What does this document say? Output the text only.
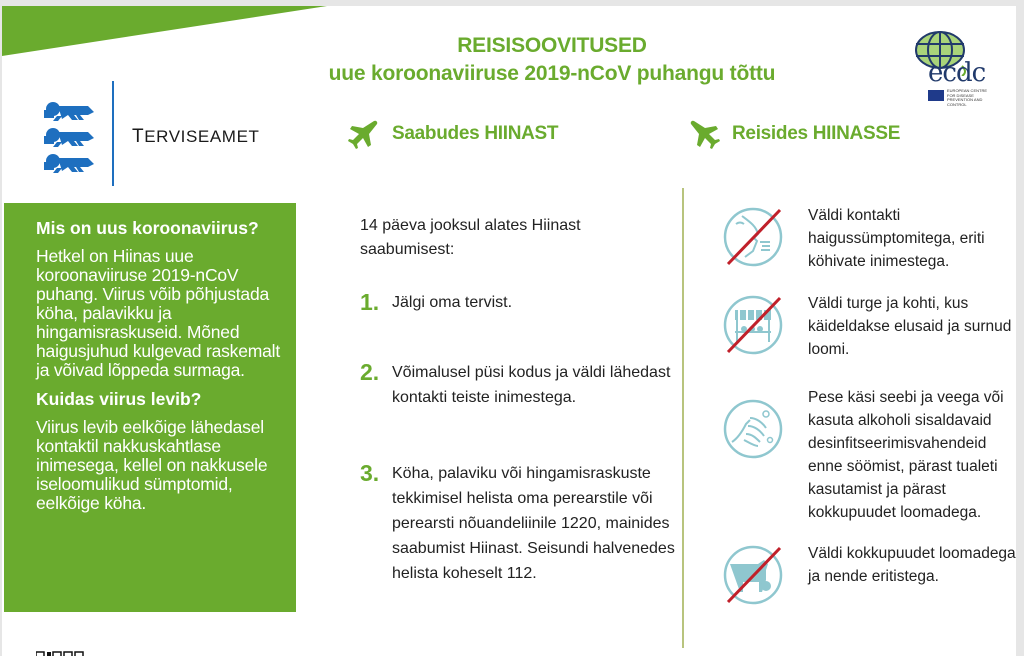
REISISOOVITUSED
uue koroonaviiruse 2019-nCoV puhangu tõttu	ecdc
EUROPEAN CENTRE FOR DISEASE PREVENTION AND CONTROL
TERVISEAMET	Saabudes HIINAST	Reisides HIINASSE
Mis on uus koroonaviirus?
Hetkel on Hiinas uue koroonaviiruse 2019-nCoV puhang. Viirus võib põhjustada köha, palavikku ja hingamisraskuseid. Mõned haigusjuhud kulgevad raskemalt ja võivad lõppeda surmaga.
Kuidas viirus levib?
Viirus levib eelkõige lähedasel kontaktil nakkuskahtlase inimesega, kellel on nakkusele iseloomulikud sümptomid, eelkõige köha.
14 päeva jooksul alates Hiinast saabumisest:
1. Jälgi oma tervist.
2. Võimalusel püsi kodus ja väldi lähedast kontakti teiste inimestega.
3. Köha, palaviku või hingamisraskuste tekkimisel helista oma perearstile või perearsti nõuandeliinile 1220, mainides saabumist Hiinast. Seisundi halvenedes helista koheselt 112.
Väldi kontakti haigussümptomitega, eriti köhivate inimestega.
Väldi turge ja kohti, kus käideldakse elusaid ja surnud loomi.
Pese käsi seebi ja veega või kasuta alkoholi sisaldavaid desinfitseerimisvahendeid enne söömist, pärast tualeti kasutamist ja pärast kokkupuudet loomadega.
Väldi kokkupuudet loomadega ja nende eritistega.
